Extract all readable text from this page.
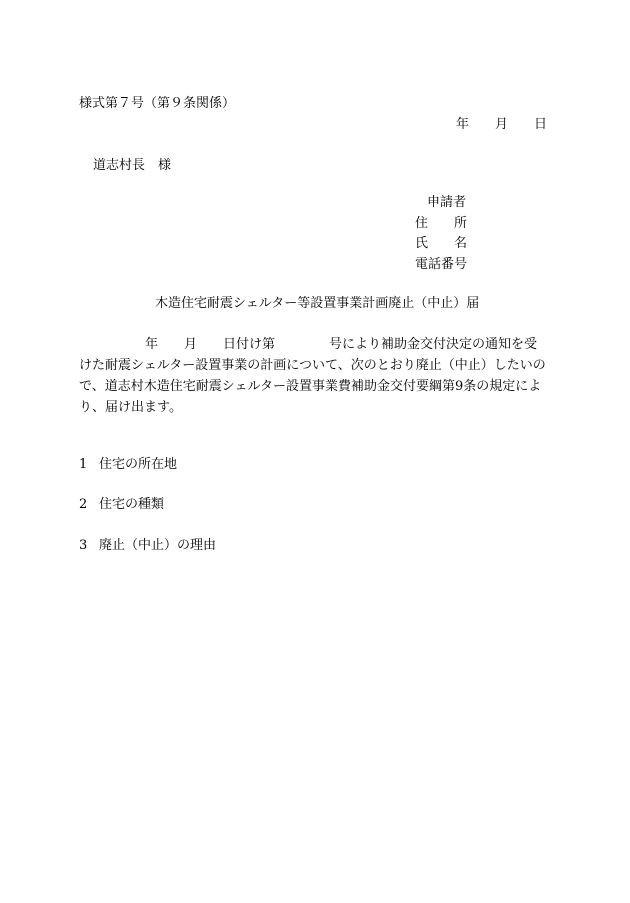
様式第７号（第９条関係）
年 月 日
道志村長　様
申請者
住 所
氏 名
電話番号
木造住宅耐震シェルター等設置事業計画廃止（中止）届
年 月 日付け第	号により補助金交付決定の通知を受
けた耐震シェルター設置事業の計画について、次のとおり廃止（中止）したいの
で、道志村木造住宅耐震シェルター設置事業費補助金交付要綱第9条の規定によ
り、届け出ます。
1 住宅の所在地
2 住宅の種類
3 廃止（中止）の理由
